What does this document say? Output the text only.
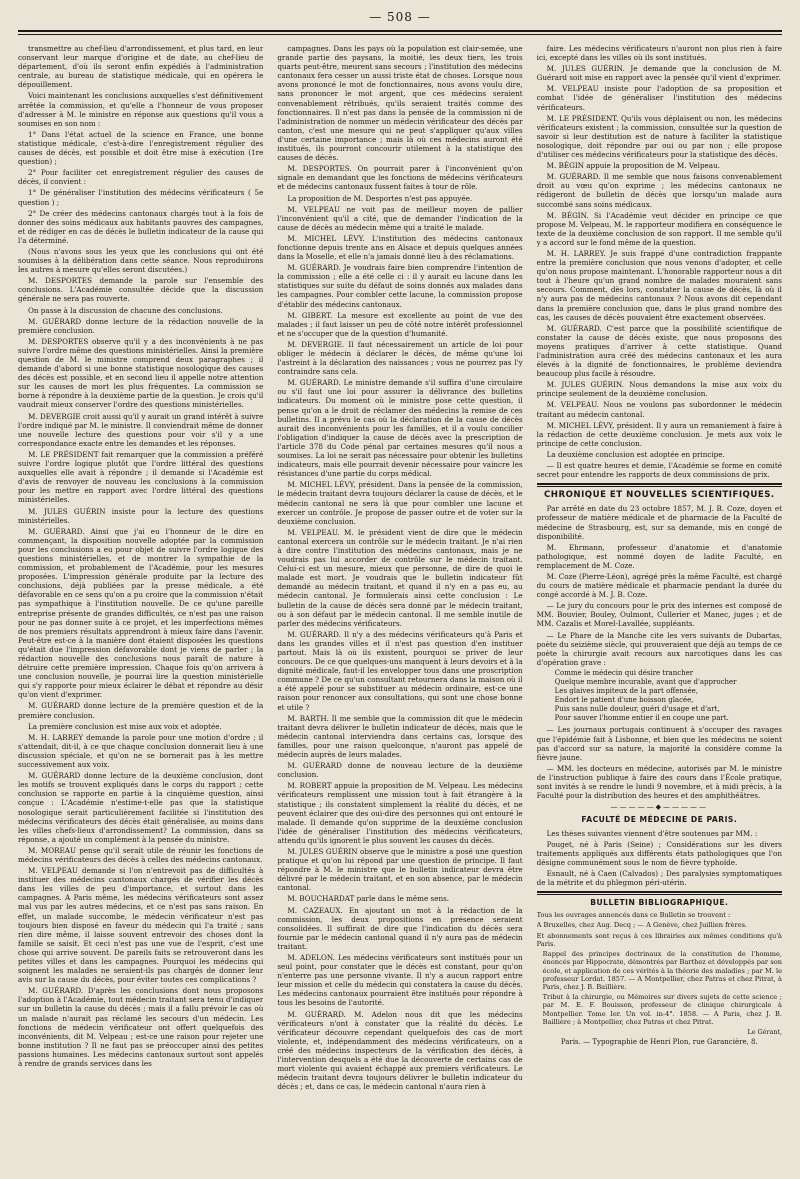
— 508 —

transmettre au chef-lieu d'arrondissement, et plus tard, en leur conservant leur marque d'origine et de date, au chef-lieu de département, d'où ils seront enfin expédiés à l'administration centrale, au bureau de statistique médicale, qui en opérera le dépouillement.

Voici maintenant les conclusions auxquelles s'est définitivement arrêtée la commission, et qu'elle a l'honneur de vous proposer d'adresser à M. le ministre en réponse aux questions qu'il vous a soumises en son nom :

1° Dans l'état actuel de la science en France, une bonne statistique médicale, c'est-à-dire l'enregistrement régulier des causes de décès, est possible et doit être mise à exécution (1re question) ;

2° Pour faciliter cet enregistrement régulier des causes de décès, il convient :

1° De généraliser l'institution des médecins vérificateurs ( 5e question ) ;

2° De créer des médecins cantonaux chargés tout à la fois de donner des soins médicaux aux habitants pauvres des campagnes, et de rédiger en cas de décès le bulletin indicateur de la cause qui l'a déterminé.

(Nous n'avons sous les yeux que les conclusions qui ont été soumises à la délibération dans cette séance. Nous reproduirons les autres à mesure qu'elles seront discutées.)

M. DESPORTES demande la parole sur l'ensemble des conclusions. L'Académie consultée décide que la discussion générale ne sera pas rouverte.

On passe à la discussion de chacune des conclusions.

M. GUÉRARD donne lecture de la rédaction nouvelle de la première conclusion.

M. DESPORTES observe qu'il y a des inconvénients à ne pas suivre l'ordre même des questions ministérielles. Ainsi la première question de M. le ministre comprend deux paragraphes ; il demande d'abord si une bonne statistique nosologique des causes des décès est possible, et en second lieu il appelle notre attention sur les causes de mort les plus fréquentes. La commission se borne à répondre à la deuxième partie de la question. Je crois qu'il vaudrait mieux conserver l'ordre des questions ministérielles.

M. DEVERGIE croit aussi qu'il y aurait un grand intérêt à suivre l'ordre indiqué par M. le ministre. Il conviendrait même de donner une nouvelle lecture des questions pour voir s'il y a une correspondance exacte entre les demandes et les réponses.

M. LE PRÉSIDENT fait remarquer que la commission a préféré suivre l'ordre logique plutôt que l'ordre littéral des questions auxquelles elle avait à répondre ; il demande si l'Académie est d'avis de renvoyer de nouveau les conclusions à la commission pour les mettre en rapport avec l'ordre littéral des questions ministérielles.

M. JULES GUÉRIN insiste pour la lecture des questions ministérielles.

M. GUÉRARD. Ainsi que j'ai eu l'honneur de le dire en commençant, la disposition nouvelle adoptée par la commission pour les conclusions a eu pour objet de suivre l'ordre logique des questions ministérielles, et de montrer la sympathie de la commission, et probablement de l'Académie, pour les mesures proposées. L'impression générale produite par la lecture des conclusions, déjà publiées par la presse médicale, a été défavorable en ce sens qu'on a pu croire que la commission n'était pas sympathique à l'institution nouvelle. De ce qu'une pareille entreprise présente de grandes difficultés, ce n'est pas une raison pour ne pas donner suite à ce projet, et les imperfections mêmes de nos premiers résultats apprendront à mieux faire dans l'avenir. Peut-être est-ce à la manière dont étaient disposées les questions qu'était due l'impression défavorable dont je viens de parler ; la rédaction nouvelle des conclusions nous paraît de nature à détruire cette première impression. Chaque fois qu'on arrivera à une conclusion nouvelle, je pourrai lire la question ministérielle qui s'y rapporte pour mieux éclairer le débat et répondre au désir qu'on vient d'exprimer.

M. GUÉRARD donne lecture de la première question et de la première conclusion.

La première conclusion est mise aux voix et adoptée.

M. H. LARREY demande la parole pour une motion d'ordre ; il s'attendait, dit-il, à ce que chaque conclusion donnerait lieu à une discussion spéciale, et qu'on ne se bornerait pas à les mettre successivement aux voix.

M. GUÉRARD donne lecture de la deuxième conclusion, dont les motifs se trouvent expliqués dans le corps du rapport ; cette conclusion se rapporte en partie à la cinquième question, ainsi conçue : L'Académie n'estime-t-elle pas que la statistique nosologique serait particulièrement facilitée si l'institution des médecins vérificateurs des décès était généralisée, au moins dans les villes chefs-lieux d'arrondissement? La commission, dans sa réponse, a ajouté un complément à la pensée du ministre.

M. MOREAU pense qu'il serait utile de réunir les fonctions de médecins vérificateurs des décès à celles des médecins cantonaux.

M. VELPEAU demande si l'on n'entrevoit pas de difficultés à instituer des médecins cantonaux chargés de vérifier les décès dans les villes de peu d'importance, et surtout dans les campagnes. A Paris même, les médecins vérificateurs sont assez mal vus par les autres médecins, et ce n'est pas sans raison. En effet, un malade succombe, le médecin vérificateur n'est pas toujours bien disposé en faveur du médecin qui l'a traité ; sans rien dire même, il laisse souvent entrevoir des choses dont la famille se saisit. Et ceci n'est pas une vue de l'esprit, c'est une chose qui arrive souvent. De pareils faits se retrouveront dans les petites villes et dans les campagnes. Pourquoi les médecins qui soignent les malades ne seraient-ils pas chargés de donner leur avis sur la cause du décès, pour éviter toutes ces complications ?

M. GUÉRARD. D'après les conclusions dont nous proposons l'adoption à l'Académie, tout médecin traitant sera tenu d'indiquer sur un bulletin la cause du décès ; mais il a fallu prévoir le cas où un malade n'aurait pas réclamé les secours d'un médecin. Les fonctions de médecin vérificateur ont offert quelquefois des inconvénients, dit M. Velpeau ; est-ce une raison pour rejeter une bonne institution ? Il ne faut pas se préoccuper ainsi des petites passions humaines. Les médecins cantonaux surtout sont appelés à rendre de grands services dans les

campagnes. Dans les pays où la population est clair-semée, une grande partie des paysans, la moitié, les deux tiers, les trois quarts peut-être, meurent sans secours ; l'institution des médecins cantonaux fera cesser un aussi triste état de choses. Lorsque nous avons prononcé le mot de fonctionnaires, nous avons voulu dire, sans prononcer le mot argent, que ces médecins seraient convenablement rétribués, qu'ils seraient traités comme des fonctionnaires. Il n'est pas dans la pensée de la commission ni de l'administration de nommer un médecin vérificateur des décès par canton, c'est une mesure qui ne peut s'appliquer qu'aux villes d'une certaine importance ; mais là où ces médecins auront été institués, ils pourront concourir utilement à la statistique des causes de décès.

M. DESPORTES. On pourrait parer à l'inconvénient qu'on signale en demandant que les fonctions de médecins vérificateurs et de médecins cantonaux fussent faites à tour de rôle.

La proposition de M. Desportes n'est pas appuyée.

M. VELPEAU ne voit pas de meilleur moyen de pallier l'inconvénient qu'il a cité, que de demander l'indication de la cause de décès au médecin même qui a traité le malade.

M. MICHEL LÉVY. L'institution des médecins cantonaux fonctionne depuis trente ans en Alsace et depuis quelques années dans la Moselle, et elle n'a jamais donné lieu à des réclamations.

M. GUÉRARD. Je voudrais faire bien comprendre l'intention de la commission ; elle a été celle ci : il y aurait eu lacune dans les statistiques sur suite du défaut de soins donnés aux malades dans les campagnes. Pour combler cette lacune, la commission propose d'établir des médecins cantonaux.

M. GIBERT. La mesure est excellente au point de vue des malades ; il faut laisser un peu de côté notre intérêt professionnel et ne s'occuper que de la question d'humanité.

M. DEVERGIE. Il faut nécessairement un article de loi pour obliger le médecin à déclarer le décès, de même qu'une loi l'astreint à la déclaration des naissances ; vous ne pourrez pas l'y contraindre sans cela.

M. GUÉRARD. Le ministre demande s'il suffira d'une circulaire ou s'il faut une loi pour assurer la délivrance des bulletins indicateurs. Du moment où le ministre pose cette question, il pense qu'on a le droit de réclamer des médecins la remise de ces bulletins. Il a prévu le cas où la déclaration de la cause de décès aurait des inconvénients pour les familles, et il a voulu concilier l'obligation d'indiquer la cause de décès avec la prescription de l'article 378 du Code pénal par certaines mesures qu'il nous a soumises. La loi ne serait pas nécessaire pour obtenir les bulletins indicateurs, mais elle pourrait devenir nécessaire pour vaincre les résistances d'une partie du corps médical.

M. MICHEL LÉVY, président. Dans la pensée de la commission, le médecin traitant devra toujours déclarer la cause de décès, et le médecin cantonal ne sera là que pour combler une lacune et exercer un contrôle. Je propose de passer outre et de voter sur la deuxième conclusion.

M. VELPEAU. M. le président vient de dire que le médecin cantonal exercera un contrôle sur le médecin traitant. Je n'ai rien à dire contre l'institution des médecins cantonaux, mais je ne voudrais pas lui accorder de contrôle sur le médecin traitant. Celui-ci est un mesure, mieux que personne, de dire de quoi le malade est mort. Je voudrais que le bulletin indicateur fût demandé au médecin traitant, et quand il n'y en a pas eu, au médecin cantonal. Je formulerais ainsi cette conclusion : Le bulletin de la cause de décès sera donné par le médecin traitant, ou à son défaut par le médecin cantonal. Il me semble inutile de parler des médecins vérificateurs.

M. GUÉRARD. Il n'y a des médecins vérificateurs qu'à Paris et dans les grandes villes et il n'est pas question d'en instituer partout. Mais là où ils existent, pourquoi se priver de leur concours. De ce que quelques-uns manquent à leurs devoirs et à la dignité médicale, faut-il les envelopper tous dans une proscription commune ? De ce qu'un consultant retournera dans la maison où il a été appelé pour se substituer au médecin ordinaire, est-ce une raison pour renoncer aux consultations, qui sont une chose bonne et utile ?

M. BARTH. Il me semble que la commission dit que le médecin traitant devra délivrer le bulletin indicateur de décès, mais que le médecin cantonal interviendra dans certains cas, lorsque des familles, pour une raison quelconque, n'auront pas appelé de médecin auprès de leurs malades.

M. GUÉRARD donne de nouveau lecture de la deuxième conclusion.

M. ROBERT appuie la proposition de M. Velpeau. Les médecins vérificateurs remplissent une mission tout à fait étrangère à la statistique ; ils constatent simplement la réalité du décès, et ne peuvent éclairer que des oui-dire des personnes qui ont entouré le malade. Il demande qu'on supprime de la deuxième conclusion l'idée de généraliser l'institution des médecins vérificateurs, attendu qu'ils ignorent le plus souvent les causes du décès.

M. JULES GUÉRIN observe que le ministre a posé une question pratique et qu'on lui répond par une question de principe. Il faut répondre à M. le ministre que le bulletin indicateur devra être délivré par le médecin traitant, et en son absence, par le médecin cantonal.

M. BOUCHARDAT parle dans le même sens.

M. CAZEAUX. En ajoutant un mot à la rédaction de la commission, les deux propositions en présence seraient consolidées. Il suffirait de dire que l'indication du décès sera fournie par le médecin cantonal quand il n'y aura pas de médecin traitant.

M. ADELON. Les médecins vérificateurs sont institués pour un seul point, pour constater que le décès est constant, pour qu'on n'enterre pas une personne vivante. Il n'y a aucun rapport entre leur mission et celle du médecin qui constatera la cause du décès. Les médecins cantonaux pourraient être institués pour répondre à tous les besoins de l'autorité.

M. GUÉRARD. M. Adelon nous dit que les médecins vérificateurs n'ont à constater que la réalité du décès. Le vérificateur découvre cependant quelquefois des cas de mort violente, et, indépendamment des médecins vérificateurs, on a créé des médecins inspecteurs de la vérification des décès, à l'intervention desquels a été due la découverte de certains cas de mort violente qui avaient échappé aux premiers vérificateurs. Le médecin traitant devra toujours délivrer le bulletin indicateur du décès ; et, dans ce cas, le médecin cantonal n'aura rien à

faire. Les médecins vérificateurs n'auront non plus rien à faire ici, excepté dans les villes où ils sont institués.

M. JULES GUÉRIN. Je demande que la conclusion de M. Guérard soit mise en rapport avec la pensée qu'il vient d'exprimer.

M. VELPEAU insiste pour l'adoption de sa proposition et combat l'idée de généraliser l'institution des médecins vérificateurs.

M. LE PRÉSIDENT. Qu'ils vous déplaisent ou non, les médecins vérificateurs existent ; la commission, consultée sur la question de savoir si leur destitution est de nature à faciliter la statistique nosologique, doit répondre par oui ou par non ; elle propose d'utiliser ces médecins vérificateurs pour la statistique des décès.

M. BÉGIN appuie la proposition de M. Velpeau.

M. GUÉRARD. Il me semble que nous faisons convenablement droit au vœu qu'on exprime ; les médecins cantonaux ne rédigeront de bulletin de décès que lorsqu'un malade aura succombé sans soins médicaux.

M. BÉGIN. Si l'Académie veut décider en principe ce que propose M. Velpeau, M. le rapporteur modifiera en conséquence le texte de la deuxième conclusion de son rapport. Il me semble qu'il y a accord sur le fond même de la question.

M. H. LARREY. Je suis frappé d'une contradiction frappante entre la première conclusion que nous venons d'adopter, et celle qu'on nous propose maintenant. L'honorable rapporteur nous a dit tout à l'heure qu'un grand nombre de malades mouraient sans secours. Comment, dès lors, constater la cause de décès, là où il n'y aura pas de médecins cantonaux ? Nous avons dit cependant dans la première conclusion que, dans le plus grand nombre des cas, les causes de décès pouvaient être exactement observées.

M. GUÉRARD. C'est parce que la possibilité scientifique de constater la cause de décès existe, que nous proposons des moyens pratiques d'arriver à cette statistique. Quand l'administration aura créé des médecins cantonaux et les aura élevés à la dignité de fonctionnaires, le problème deviendra beaucoup plus facile à résoudre.

M. JULES GUÉRIN. Nous demandons la mise aux voix du principe seulement de la deuxième conclusion.

M. VELPEAU. Nous ne voulons pas subordonner le médecin traitant au médecin cantonal.

M. MICHEL LÉVY, président. Il y aura un remaniement à faire à la rédaction de cette deuxième conclusion. Je mets aux voix le principe de cette conclusion.

La deuxième conclusion est adoptée en principe.

— Il est quatre heures et demie, l'Académie se forme en comité secret pour entendre les rapports de deux commissions de prix.

CHRONIQUE ET NOUVELLES SCIENTIFIQUES.

Par arrêté en date du 23 octobre 1857, M. J. B. Coze, doyen et professeur de matière médicale et de pharmacie de la Faculté de médecine de Strasbourg, est, sur sa demande, mis en congé de disponibilité.

M. Ehrmann, professeur d'anatomie et d'anatomie pathologique, est nommé doyen de ladite Faculté, en remplacement de M. Coze.

M. Coze (Pierre-Léon), agrégé près la même Faculté, est chargé du cours de matière médicale et pharmacie pendant la durée du congé accordé à M. J. B. Coze.

— Le jury du concours pour le prix des internes est composé de MM. Bouvier, Bouley, Oulmont, Cullerier et Manec, juges ; et de MM. Cazalis et Morel-Lavallée, suppléants.

— Le Phare de la Manche cite les vers suivants de Dubartas, poète du seizième siècle, qui prouveraient que déjà au temps de ce poète la chirurgie avait recours aux narcotiques dans les cas d'opération grave :

Comme le médecin qui désire trancher
Quelque membre incurable, avant que d'approcher
Les glaives impiteux de la part offensée,
Endort le patient d'une boisson glacée,
Puis sans nulle douleur, guéri d'usage et d'art,
Pour sauver l'homme entier il en coupe une part.

— Les journaux portugais continuent à s'occuper des ravages que l'épidémie fait à Lisbonne, et bien que les médecins ne soient pas d'accord sur sa nature, la majorité la considère comme la fièvre jaune.

— MM. les docteurs en médecine, autorisés par M. le ministre de l'instruction publique à faire des cours dans l'École pratique, sont invités à se rendre le lundi 9 novembre, et à midi précis, à la Faculté pour la distribution des heures et des amphithéâtres.

—————◆—————
FACULTÉ DE MÉDECINE DE PARIS.

Les thèses suivantes viennent d'être soutenues par MM. :

Pouget, né à Paris (Seine) ; Considérations sur les divers traitements appliqués aux différents états pathologiques que l'on désigne communément sous le nom de fièvre typhoïde.

Esnault, né à Caen (Calvados) ; Des paralysies symptomatiques de la métrite et du phlegmon péri-utérin.

BULLETIN BIBLIOGRAPHIQUE.

Tous les ouvrages annoncés dans ce Bulletin se trouvent :

A Bruxelles, chez Aug. Decq ; — A Genève, chez Juillien frères.

Et abonnements sont reçus à ces librairies aux mêmes conditions qu'à Paris.

Rappel des principes doctrinaux de la constitution de l'homme, énoncés par Hippocrate, démontrés par Barthez et développés par son école, et application de ces vérités à la théorie des maladies ; par M. le professeur Lordat. 1857. — A Montpellier, chez Patras et chez Pitrat, à Paris, chez J. B. Baillière.

Tribut à la chirurgie, ou Mémoires sur divers sujets de cette science ; par M. E. F. Bouisson, professeur de clinique chirurgicale à Montpellier. Tome Ier. Un vol. in-4°. 1858. — A Paris, chez J. B. Baillière ; à Montpellier, chez Patras et chez Pitrat.

Le Gérant,
Paris. — Typographie de Henri Plon, rue Garancière, 8.
